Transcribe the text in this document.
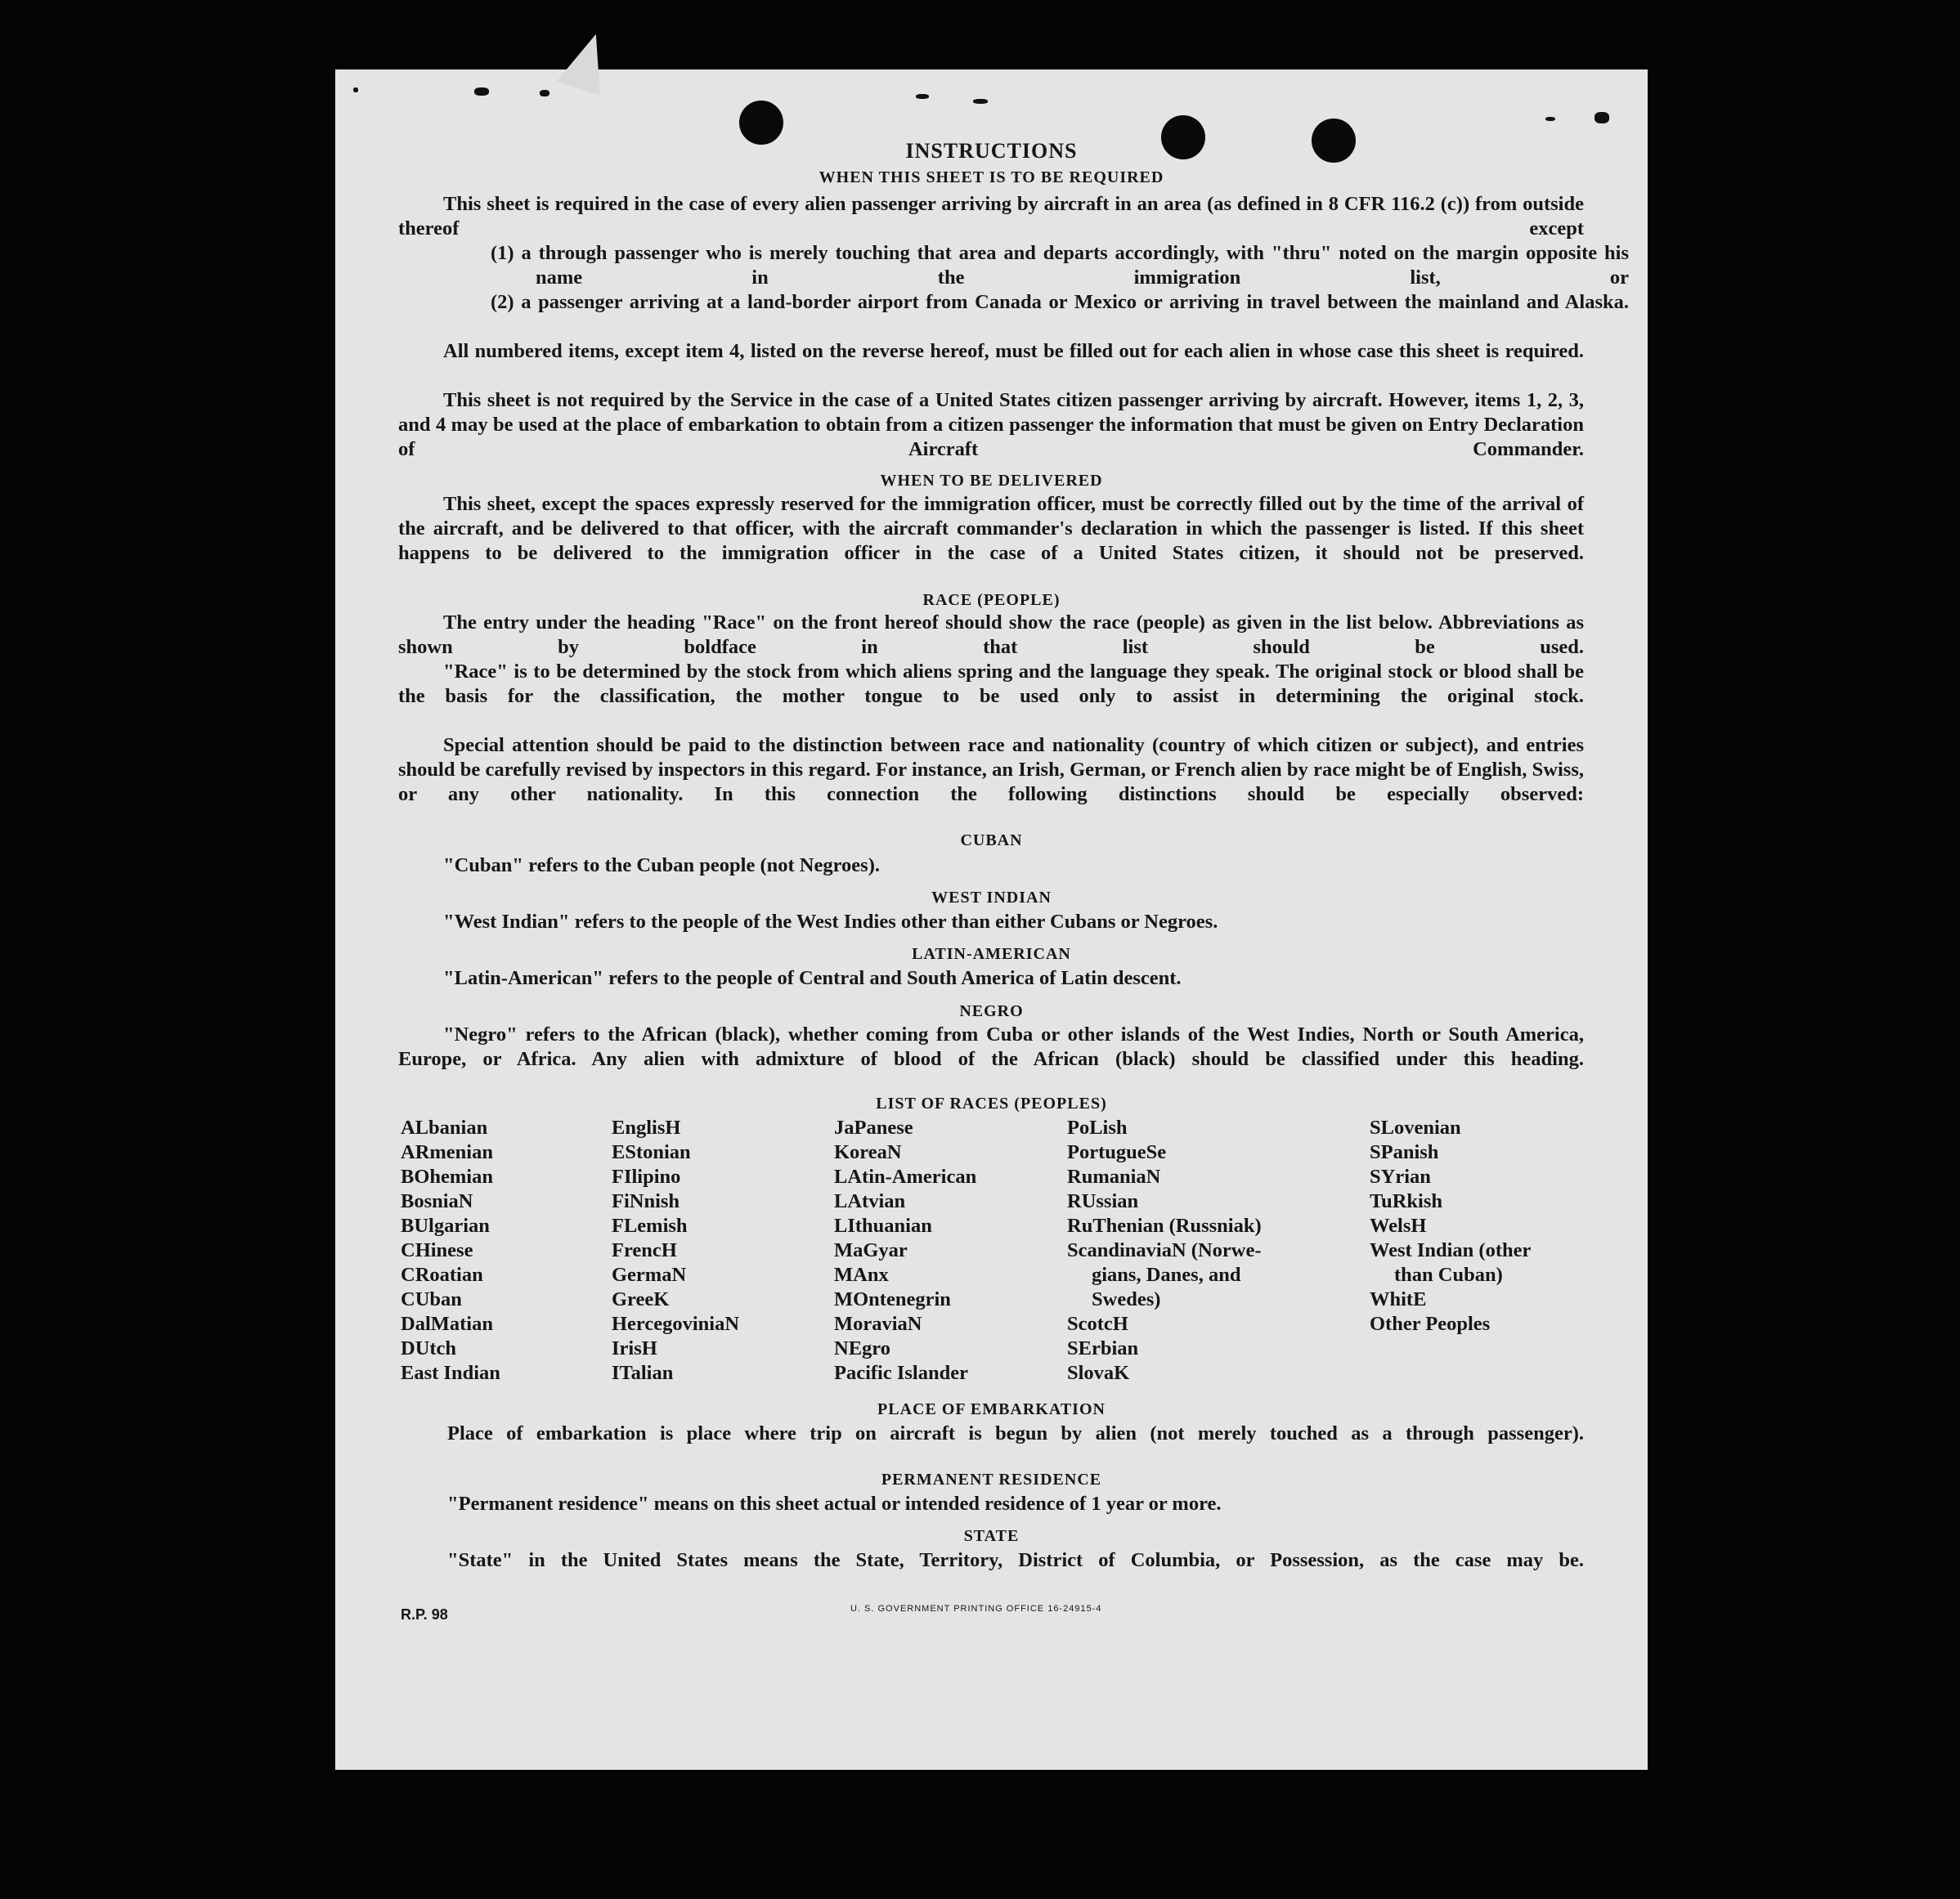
INSTRUCTIONS
WHEN THIS SHEET IS TO BE REQUIRED
This sheet is required in the case of every alien passenger arriving by aircraft in an area (as defined in 8 CFR 116.2 (c)) from outside thereof except
(1) a through passenger who is merely touching that area and departs accordingly, with "thru" noted on the margin opposite his name in the immigration list, or
(2) a passenger arriving at a land-border airport from Canada or Mexico or arriving in travel between the mainland and Alaska.
All numbered items, except item 4, listed on the reverse hereof, must be filled out for each alien in whose case this sheet is required.
This sheet is not required by the Service in the case of a United States citizen passenger arriving by aircraft. However, items 1, 2, 3, and 4 may be used at the place of embarkation to obtain from a citizen passenger the information that must be given on Entry Declaration of Aircraft Commander.
WHEN TO BE DELIVERED
This sheet, except the spaces expressly reserved for the immigration officer, must be correctly filled out by the time of the arrival of the aircraft, and be delivered to that officer, with the aircraft commander's declaration in which the passenger is listed. If this sheet happens to be delivered to the immigration officer in the case of a United States citizen, it should not be preserved.
RACE (PEOPLE)
The entry under the heading "Race" on the front hereof should show the race (people) as given in the list below. Abbreviations as shown by boldface in that list should be used.
"Race" is to be determined by the stock from which aliens spring and the language they speak. The original stock or blood shall be the basis for the classification, the mother tongue to be used only to assist in determining the original stock.
Special attention should be paid to the distinction between race and nationality (country of which citizen or subject), and entries should be carefully revised by inspectors in this regard. For instance, an Irish, German, or French alien by race might be of English, Swiss, or any other nationality. In this connection the following distinctions should be especially observed:
CUBAN
"Cuban" refers to the Cuban people (not Negroes).
WEST INDIAN
"West Indian" refers to the people of the West Indies other than either Cubans or Negroes.
LATIN-AMERICAN
"Latin-American" refers to the people of Central and South America of Latin descent.
NEGRO
"Negro" refers to the African (black), whether coming from Cuba or other islands of the West Indies, North or South America, Europe, or Africa. Any alien with admixture of blood of the African (black) should be classified under this heading.
LIST OF RACES (PEOPLES)
ALbanian
ARmenian
BOhemian
BosniaN
BUlgarian
CHinese
CRoatian
CUban
DalMatian
DUtch
East Indian
EnglisH
EStonian
FIlipino
FiNnish
FLemish
FrencH
GermaN
GreeK
HercegoviniaN
IrisH
ITalian
JaPanese
KoreaN
LAtin-American
LAtvian
LIthuanian
MaGyar
MAnx
MOntenegrin
MoraviaN
NEgro
Pacific Islander
PoLish
PortugueSe
RumaniaN
RUssian
RuThenian (Russniak)
ScandinaviaN (Norwe-
gians, Danes, and
Swedes)
ScotcH
SErbian
SlovaK
SLovenian
SPanish
SYrian
TuRkish
WelsH
West Indian (other
than Cuban)
WhitE
Other Peoples
PLACE OF EMBARKATION
Place of embarkation is place where trip on aircraft is begun by alien (not merely touched as a through passenger).
PERMANENT RESIDENCE
"Permanent residence" means on this sheet actual or intended residence of 1 year or more.
STATE
"State" in the United States means the State, Territory, District of Columbia, or Possession, as the case may be.
R.P. 98	U. S. GOVERNMENT PRINTING OFFICE 16-24915-4
